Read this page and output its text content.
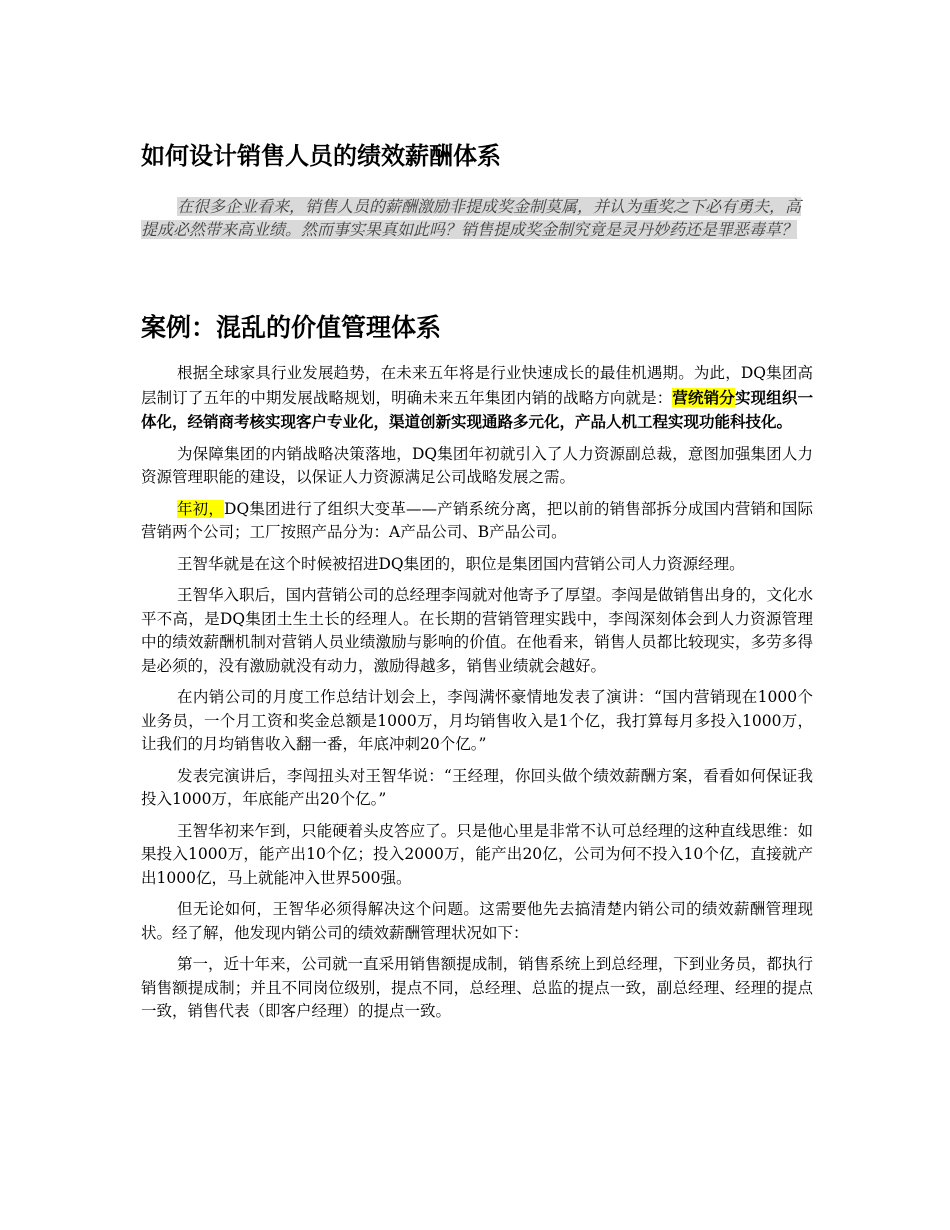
如何设计销售人员的绩效薪酬体系

在很多企业看来，销售人员的薪酬激励非提成奖金制莫属，并认为重奖之下必有勇夫，高提成必然带来高业绩。然而事实果真如此吗？销售提成奖金制究竟是灵丹妙药还是罪恶毒草？

案例：混乱的价值管理体系

根据全球家具行业发展趋势，在未来五年将是行业快速成长的最佳机遇期。为此，DQ集团高层制订了五年的中期发展战略规划，明确未来五年集团内销的战略方向就是：营统销分实现组织一体化，经销商考核实现客户专业化，渠道创新实现通路多元化，产品人机工程实现功能科技化。

为保障集团的内销战略决策落地，DQ集团年初就引入了人力资源副总裁，意图加强集团人力资源管理职能的建设，以保证人力资源满足公司战略发展之需。

年初，DQ集团进行了组织大变革——产销系统分离，把以前的销售部拆分成国内营销和国际营销两个公司；工厂按照产品分为：A产品公司、B产品公司。

王智华就是在这个时候被招进DQ集团的，职位是集团国内营销公司人力资源经理。

王智华入职后，国内营销公司的总经理李闯就对他寄予了厚望。李闯是做销售出身的，文化水平不高，是DQ集团土生土长的经理人。在长期的营销管理实践中，李闯深刻体会到人力资源管理中的绩效薪酬机制对营销人员业绩激励与影响的价值。在他看来，销售人员都比较现实，多劳多得是必须的，没有激励就没有动力，激励得越多，销售业绩就会越好。

在内销公司的月度工作总结计划会上，李闯满怀豪情地发表了演讲：“国内营销现在1000个业务员，一个月工资和奖金总额是1000万，月均销售收入是1个亿，我打算每月多投入1000万，让我们的月均销售收入翻一番，年底冲刺20个亿。”

发表完演讲后，李闯扭头对王智华说：“王经理，你回头做个绩效薪酬方案，看看如何保证我投入1000万，年底能产出20个亿。”

王智华初来乍到，只能硬着头皮答应了。只是他心里是非常不认可总经理的这种直线思维：如果投入1000万，能产出10个亿；投入2000万，能产出20亿，公司为何不投入10个亿，直接就产出1000亿，马上就能冲入世界500强。

但无论如何，王智华必须得解决这个问题。这需要他先去搞清楚内销公司的绩效薪酬管理现状。经了解，他发现内销公司的绩效薪酬管理状况如下：

第一，近十年来，公司就一直采用销售额提成制，销售系统上到总经理，下到业务员，都执行销售额提成制；并且不同岗位级别，提点不同，总经理、总监的提点一致，副总经理、经理的提点一致，销售代表（即客户经理）的提点一致。
